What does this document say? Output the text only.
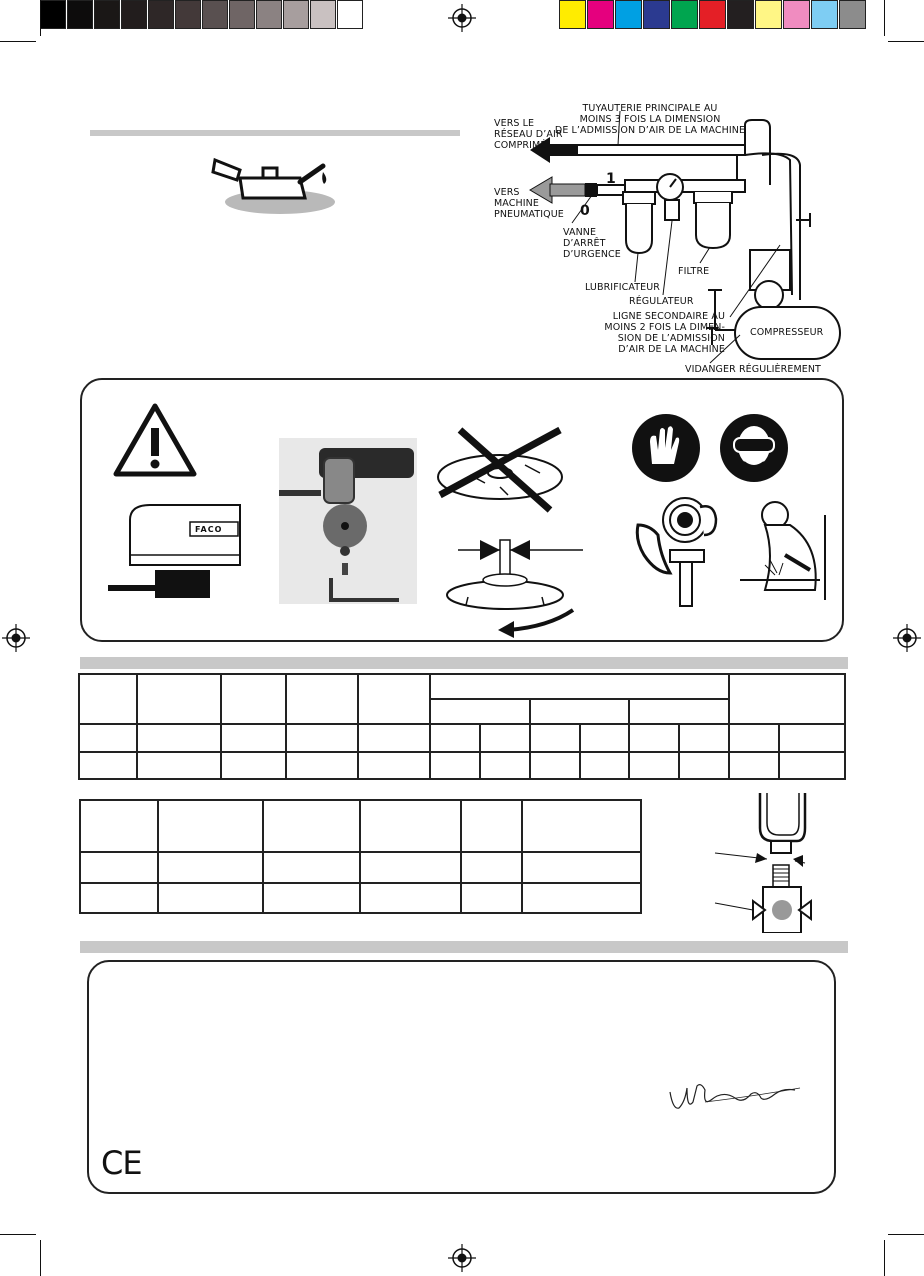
VERS LE
RÉSEAU D’AIR
COMPRIMÉ
TUYAUTERIE PRINCIPALE AU
MOINS 3 FOIS LA DIMENSION
DE L’ADMISSION D’AIR DE LA MACHINE
VERS
MACHINE
PNEUMATIQUE
1
0
VANNE
D’ARRÊT
D’URGENCE
LUBRIFICATEUR
RÉGULATEUR
FILTRE
LIGNE SECONDAIRE AU
MOINS 2 FOIS LA DIMEN-
SION DE L’ADMISSION
D’AIR DE LA MACHINE
COMPRESSEUR
VIDANGER RÉGULIÈREMENT
FACO

CE
